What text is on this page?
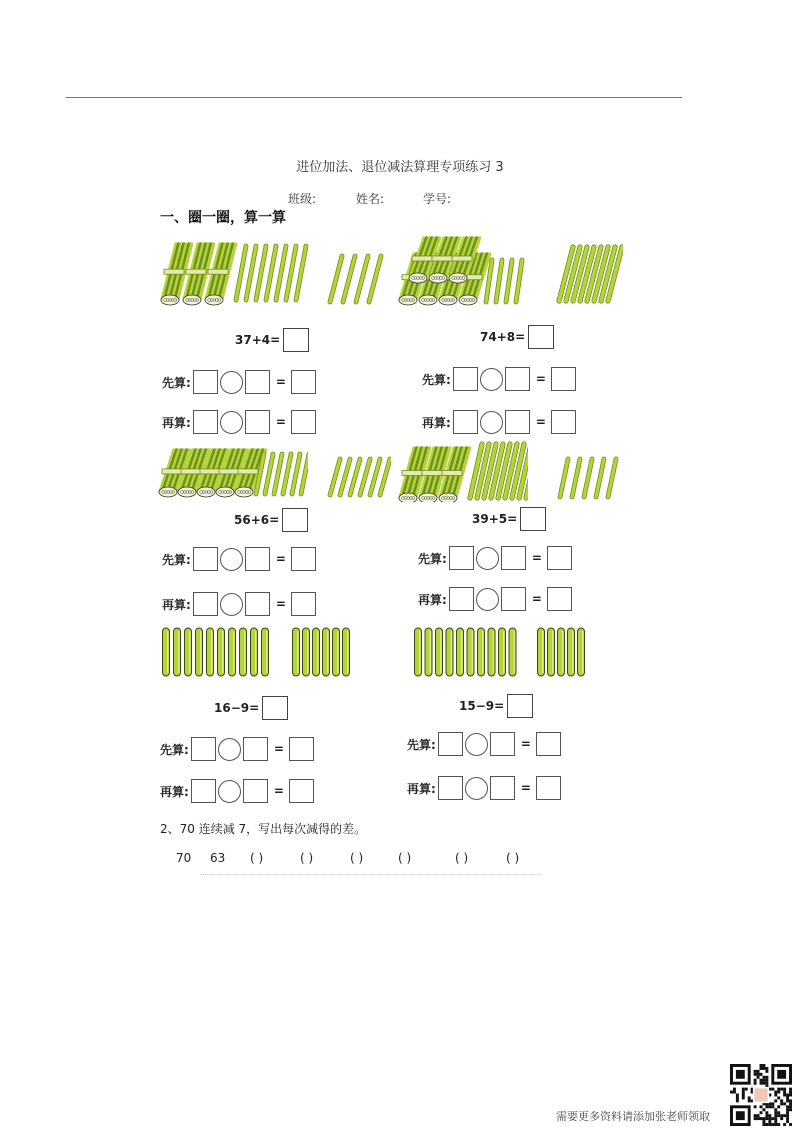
进位加法、退位减法算理专项练习 3
班级:	姓名:	学号:
一、圈一圈，算一算
37+4=
先算:	=
再算:	=
74+8=
先算:	=
再算:	=
56+6=
先算:	=
再算:	=
39+5=
先算:	=
再算:	=
16−9=
先算:	=
再算:	=
15−9=
先算:	=
再算:	=
2、70 连续减 7，写出每次减得的差。
70 63 ( )	( )	( )	( )	( )	( )
需要更多资料请添加张老师领取
